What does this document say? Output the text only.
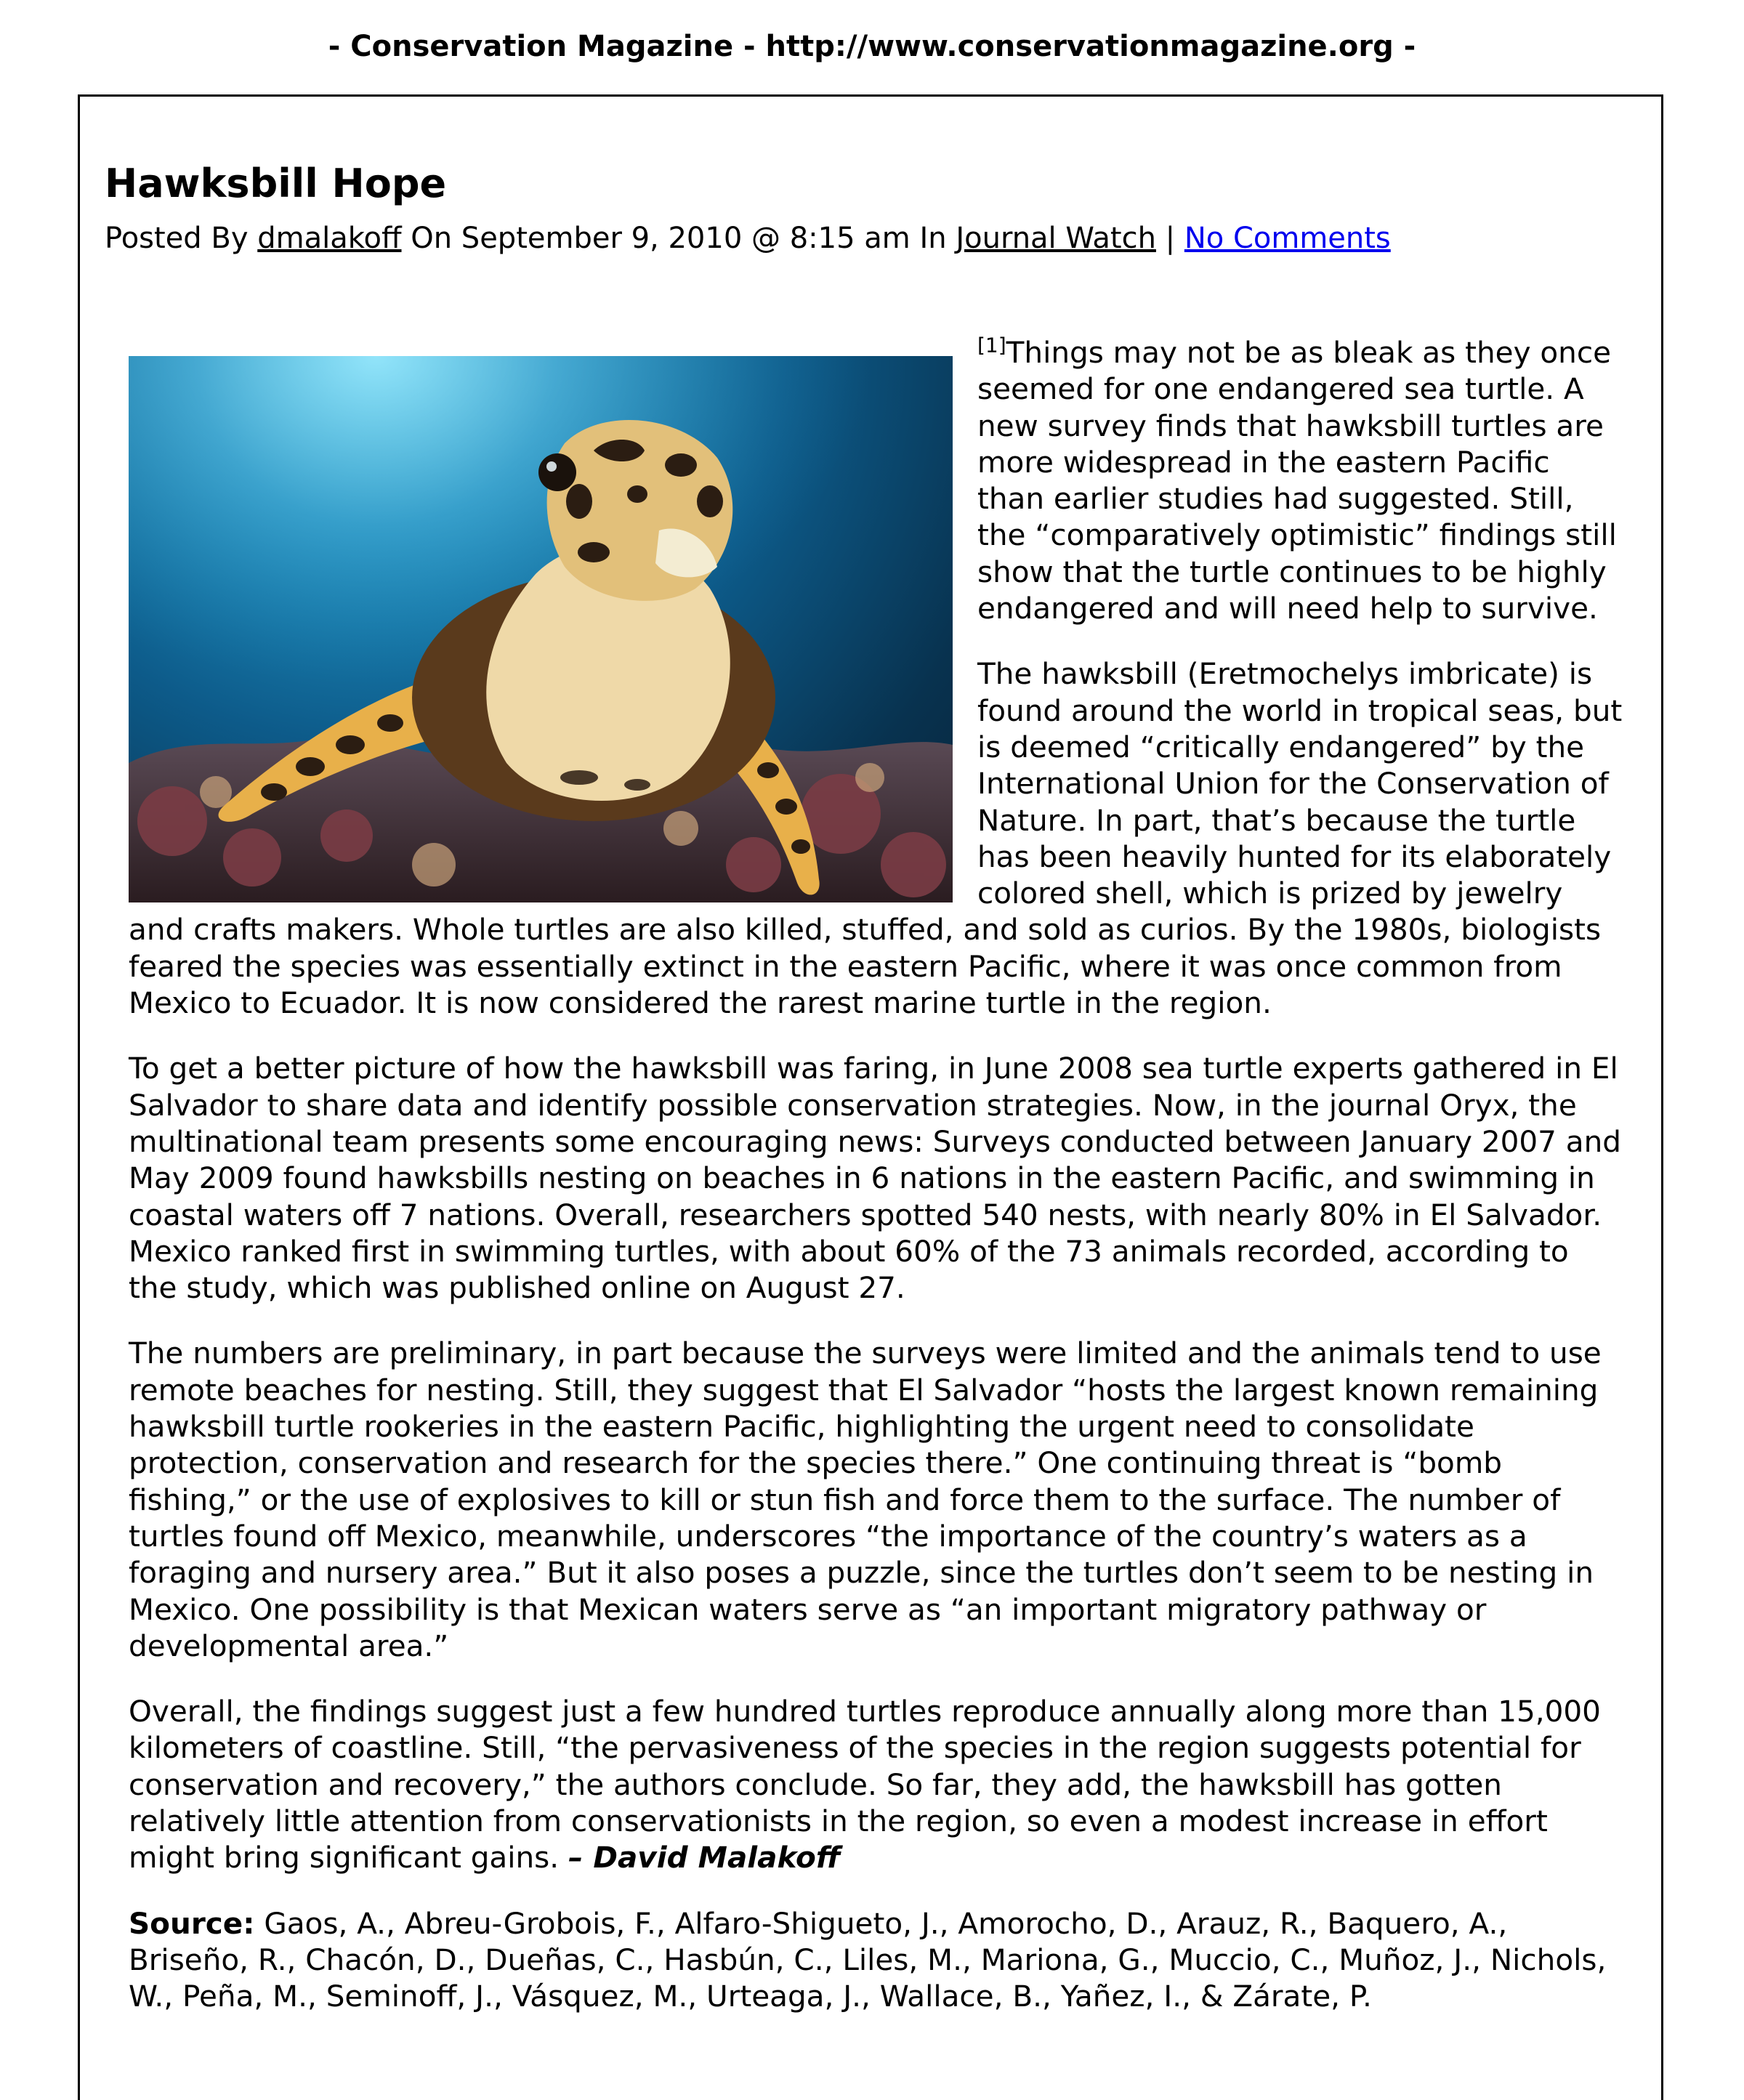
- Conservation Magazine - http://www.conservationmagazine.org -
Hawksbill Hope
Posted By dmalakoff On September 9, 2010 @ 8:15 am In Journal Watch | No Comments

[1]Things may not be as bleak as they once seemed for one endangered sea turtle. A new survey finds that hawksbill turtles are more widespread in the eastern Pacific than earlier studies had suggested. Still, the “comparatively optimistic” findings still show that the turtle continues to be highly endangered and will need help to survive.

The hawksbill (Eretmochelys imbricate) is found around the world in tropical seas, but is deemed “critically endangered” by the International Union for the Conservation of Nature. In part, that’s because the turtle has been heavily hunted for its elaborately colored shell, which is prized by jewelry and crafts makers. Whole turtles are also killed, stuffed, and sold as curios. By the 1980s, biologists feared the species was essentially extinct in the eastern Pacific, where it was once common from Mexico to Ecuador. It is now considered the rarest marine turtle in the region.

To get a better picture of how the hawksbill was faring, in June 2008 sea turtle experts gathered in El Salvador to share data and identify possible conservation strategies. Now, in the journal Oryx, the multinational team presents some encouraging news: Surveys conducted between January 2007 and May 2009 found hawksbills nesting on beaches in 6 nations in the eastern Pacific, and swimming in coastal waters off 7 nations. Overall, researchers spotted 540 nests, with nearly 80% in El Salvador. Mexico ranked first in swimming turtles, with about 60% of the 73 animals recorded, according to the study, which was published online on August 27.

The numbers are preliminary, in part because the surveys were limited and the animals tend to use remote beaches for nesting. Still, they suggest that El Salvador “hosts the largest known remaining hawksbill turtle rookeries in the eastern Pacific, highlighting the urgent need to consolidate protection, conservation and research for the species there.” One continuing threat is “bomb fishing,” or the use of explosives to kill or stun fish and force them to the surface. The number of turtles found off Mexico, meanwhile, underscores “the importance of the country’s waters as a foraging and nursery area.” But it also poses a puzzle, since the turtles don’t seem to be nesting in Mexico. One possibility is that Mexican waters serve as “an important migratory pathway or developmental area.”

Overall, the findings suggest just a few hundred turtles reproduce annually along more than 15,000 kilometers of coastline. Still, “the pervasiveness of the species in the region suggests potential for conservation and recovery,” the authors conclude. So far, they add, the hawksbill has gotten relatively little attention from conservationists in the region, so even a modest increase in effort might bring significant gains. – David Malakoff

Source: Gaos, A., Abreu-Grobois, F., Alfaro-Shigueto, J., Amorocho, D., Arauz, R., Baquero, A., Briseño, R., Chacón, D., Dueñas, C., Hasbún, C., Liles, M., Mariona, G., Muccio, C., Muñoz, J., Nichols, W., Peña, M., Seminoff, J., Vásquez, M., Urteaga, J., Wallace, B., Yañez, I., & Zárate, P.
